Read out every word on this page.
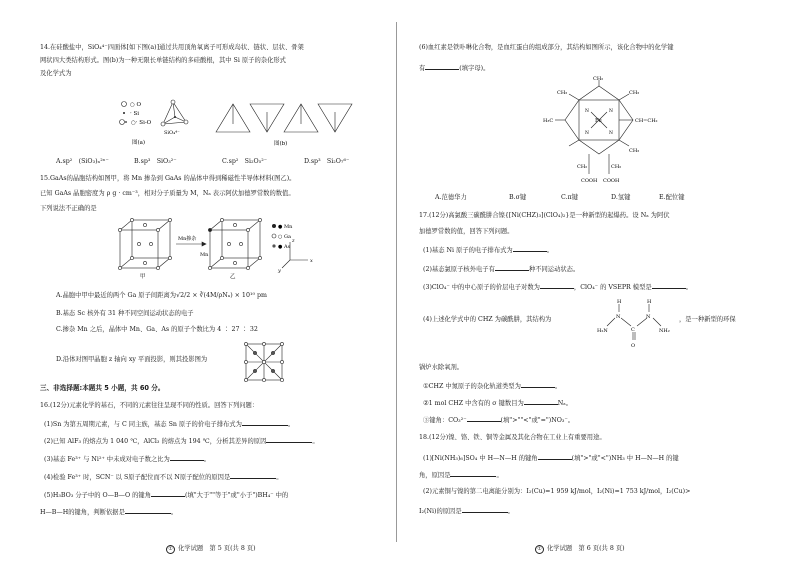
14.在硅酸盐中，SiO₄⁴⁻四面体[如下图(a)]通过共用顶角氧离子可形成岛状、链状、层状、骨架
网状四大类结构形式。图(b)为一种无限长单链结构的多硅酸根，其中 Si 原子的杂化形式
及化学式为
○ O
· Si
○· Si-O
SiO₄⁴⁻
图(a)	图(b)
A.sp²　(SiO₃)ₙ²ⁿ⁻	B.sp³　SiO₃²⁻	C.sp²　Si₂O₅²⁻	D.sp³　Si₂O₇⁶⁻
15.GaAs的晶胞结构如图甲，将 Mn 掺杂到 GaAs 的晶体中得到稀磁性半导体材料(图乙)。
已知 GaAs 晶胞密度为 ρ g · cm⁻³，相对分子质量为 M，Nₐ 表示阿伏加德罗常数的数值。
下列说法不正确的是
Mn掺杂
Mn
● Mn
○ Ga
● As
x
y
z
甲	乙
A.晶胞中甲中最近的两个 Ga 原子间距离为√2/2 × ∛(4M/ρNₐ) × 10¹⁰ pm
B.基态 Sc 核外有 31 种不同空间运动状态的电子
C.掺杂 Mn 之后，晶体中 Mn、Ga、As 的原子个数比为 4 ∶ 27 ∶ 32
D.沿体对图甲晶胞 z 轴向 xy 平面投影，则其投影图为
三、非选择题:本题共 5 小题，共 60 分。
16.(12分)元素化学的基石，不同的元素往往呈现不同的性质。回答下列问题：
(1)Sn 为第五周期元素，与 C 同主族，基态 Sn 原子的价电子排布式为	。
(2)已知 AlF₃ 的熔点为 1 040 ℃，AlCl₃ 的熔点为 194 ℃，分析其差异的原因	。
(3)基态 Fe³⁺ 与 Ni²⁺ 中未成对电子数之比为	。
(4)检验 Fe³⁺ 时，SCN⁻ 以 S原子配位而不以 N原子配位的原因是	。
(5)H₃BO₃ 分子中的 O—B—O 的键角	(填"大于""等于"或"小于")BH₄⁻ 中的
H—B—H的键角，判断依据是	。
① 化学试题　第 5 页(共 8 页)
(6)血红素是铁卟啉化合物，是血红蛋白的组成部分，其结构如图所示，该化合物中的化学键
有	(填字母)。
CH₂
CH₃
CH=CH₂
CH₃
CH₂	CH₂
COOH COOH
Fe
N	N
N	N
H₃C
CH₃
A.范德华力	B.σ键	C.π键	D.氢键	E.配位键
17.(12分)高氯酸三碳酰肼合镍{[Ni(CHZ)₃](ClO₄)₂}是一种新型的起爆药。设 Nₐ 为阿伏
加德罗常数的值，回答下列问题。
(1)基态 Ni 原子的电子排布式为	。
(2)基态氯原子核外电子有	种不同运动状态。
(3)ClO₄⁻ 中的中心原子的价层电子对数为	，ClO₄⁻ 的 VSEPR 模型是	。
(4)上述化学式中的 CHZ 为碳酰肼，其结构为
H	H
N	N
H₂N	NH₂
C
O
，是一种新型的环保
锅炉水除氧剂。
①CHZ 中氮原子的杂化轨道类型为	。
②1 mol CHZ 中含有的 σ 键数目为	Nₐ。
③键角：CO₃²⁻	(填">""<"或"=")NO₃⁻。
18.(12分)镍、铬、铁、铜等金属及其化合物在工业上有重要用途。
(1)[Ni(NH₃)₆]SO₄ 中 H—N—H 的键角	(填">"或"<")NH₃ 中 H—N—H 的键
角，原因是	。
(2)元素铜与镍的第二电离能分别为：I₂(Cu)=1 959 kJ/mol，I₂(Ni)=1 753 kJ/mol，I₂(Cu)>
I₂(Ni)的原因是	。
① 化学试题　第 6 页(共 8 页)
